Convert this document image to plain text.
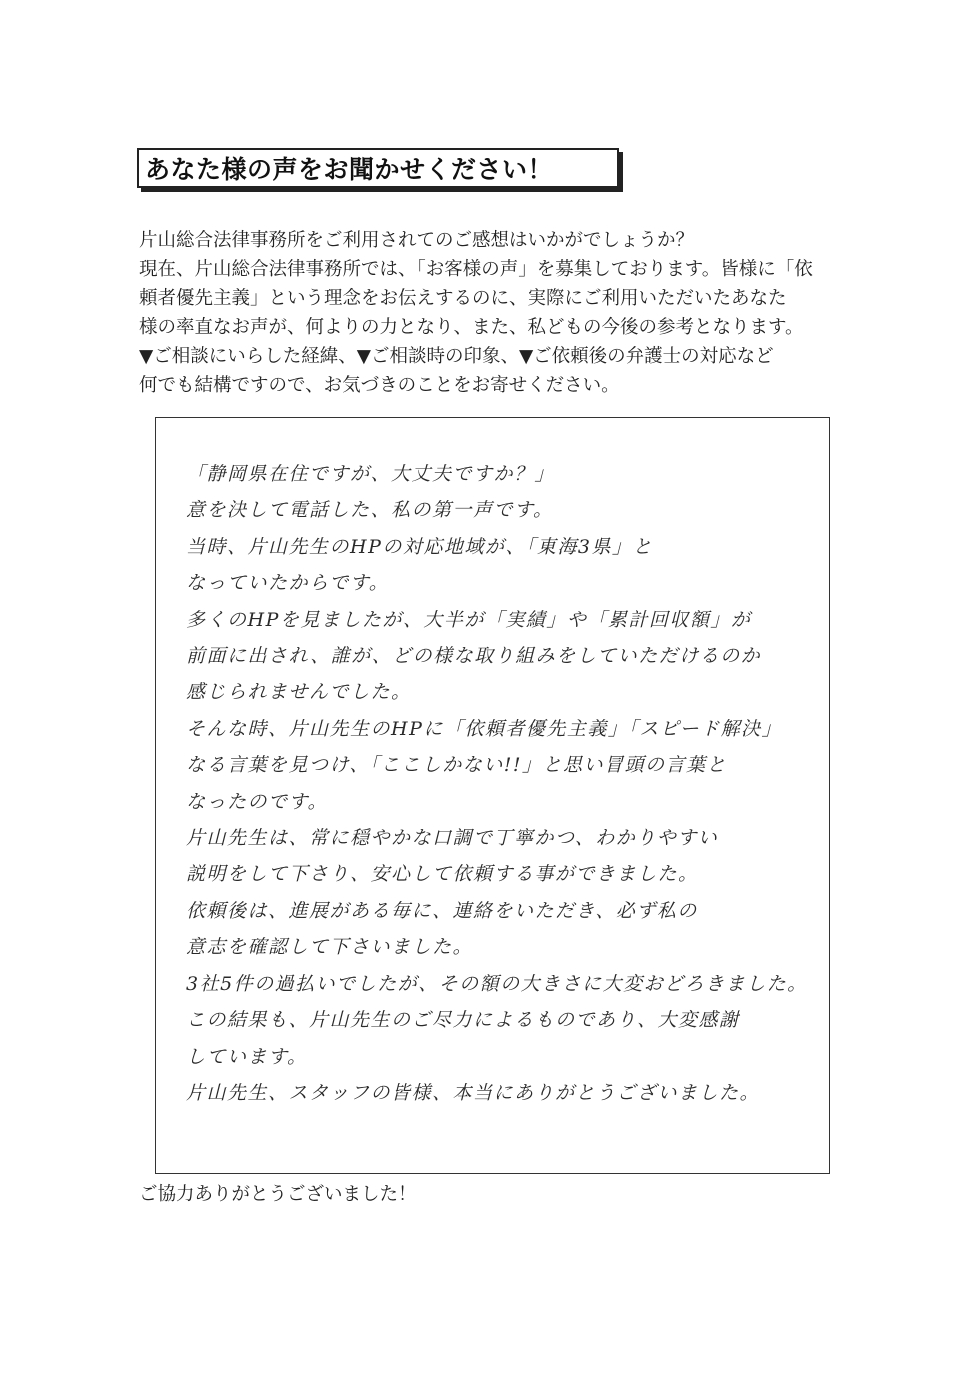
あなた様の声をお聞かせください！
片山総合法律事務所をご利用されてのご感想はいかがでしょうか？
現在、片山総合法律事務所では、「お客様の声」を募集しております。皆様に「依
頼者優先主義」という理念をお伝えするのに、実際にご利用いただいたあなた
様の率直なお声が、何よりの力となり、また、私どもの今後の参考となります。
▼ご相談にいらした経緯、▼ご相談時の印象、▼ご依頼後の弁護士の対応など
何でも結構ですので、お気づきのことをお寄せください。
「静岡県在住ですが、大丈夫ですか？」
意を決して電話した、私の第一声です。
当時、片山先生のHPの対応地域が、「東海3県」と
なっていたからです。
多くのHPを見ましたが、大半が「実績」や「累計回収額」が
前面に出され、誰が、どの様な取り組みをしていただけるのか
感じられませんでした。
そんな時、片山先生のHPに「依頼者優先主義」「スピード解決」
なる言葉を見つけ、「ここしかない!!」と思い冒頭の言葉と
なったのです。
片山先生は、常に穏やかな口調で丁寧かつ、わかりやすい
説明をして下さり、安心して依頼する事ができました。
依頼後は、進展がある毎に、連絡をいただき、必ず私の
意志を確認して下さいました。
3社5件の過払いでしたが、その額の大きさに大変おどろきました。
この結果も、片山先生のご尽力によるものであり、大変感謝
しています。
片山先生、スタッフの皆様、本当にありがとうございました。
ご協力ありがとうございました！
